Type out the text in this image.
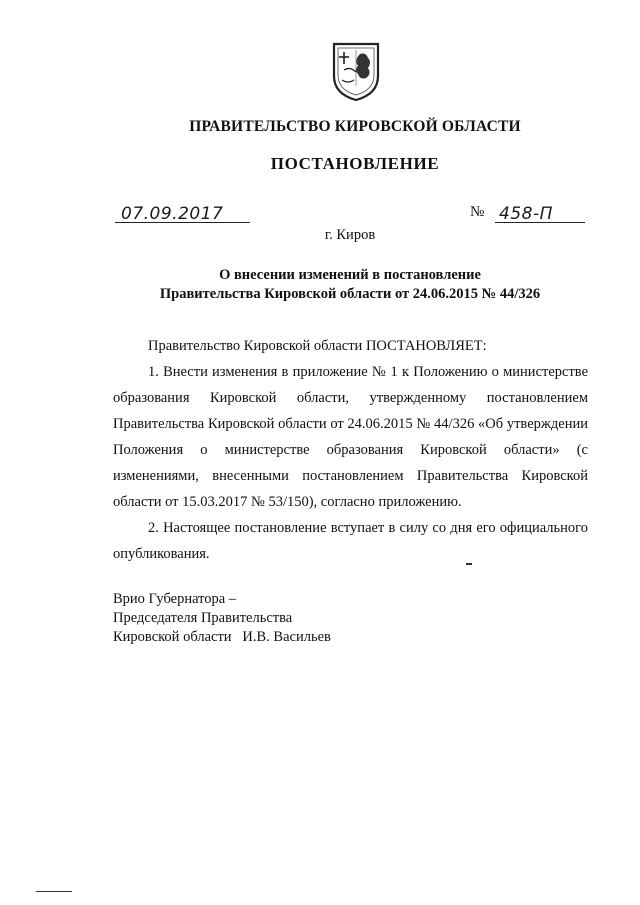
ПРАВИТЕЛЬСТВО КИРОВСКОЙ ОБЛАСТИ
ПОСТАНОВЛЕНИЕ
07.09.2017	№ 458-П
г. Киров
О внесении изменений в постановление
Правительства Кировской области от 24.06.2015 № 44/326

Правительство Кировской области ПОСТАНОВЛЯЕТ:

1. Внести изменения в приложение № 1 к Положению о министерстве образования Кировской области, утвержденному постановлением Правительства Кировской области от 24.06.2015 № 44/326 «Об утверждении Положения о министерстве образования Кировской области» (с изменениями, внесенными постановлением Правительства Кировской области от 15.03.2017 № 53/150), согласно приложению.

2. Настоящее постановление вступает в силу со дня его официального опубликования.

Врио Губернатора –

Председателя Правительства

Кировской области   И.В. Васильев
